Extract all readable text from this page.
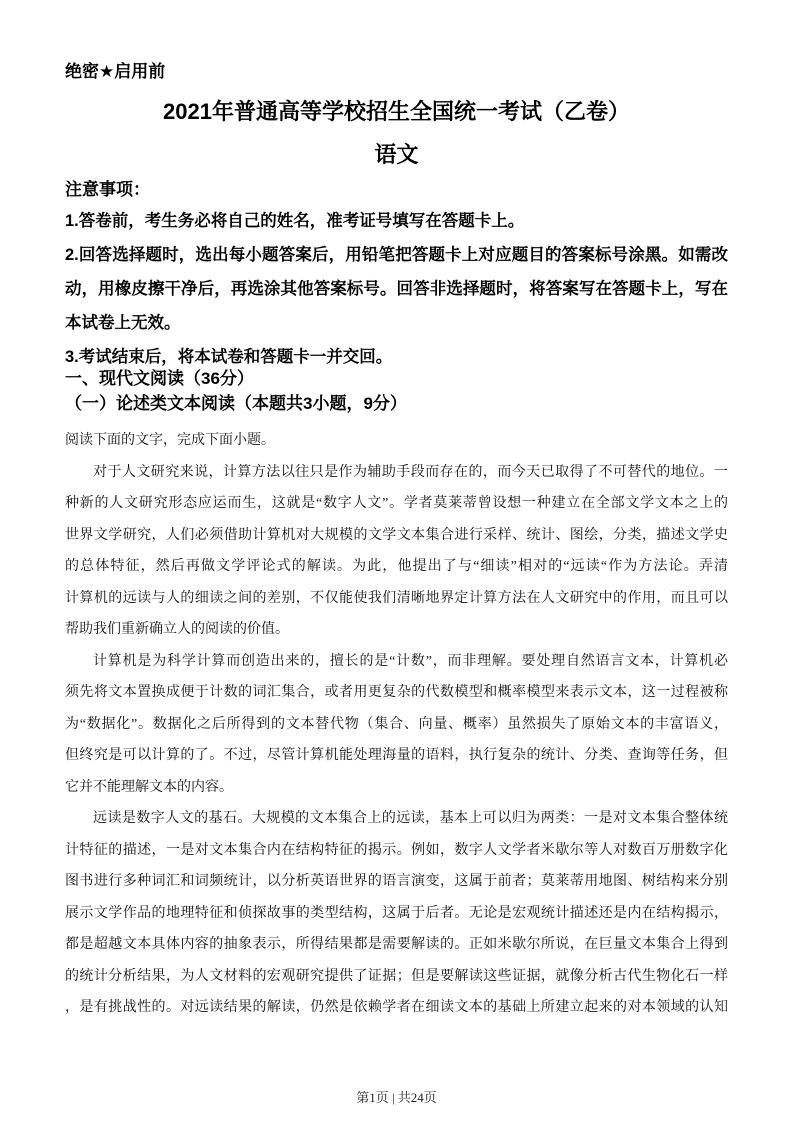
绝密★启用前
2021年普通高等学校招生全国统一考试（乙卷）
语文
注意事项：
1.答卷前，考生务必将自己的姓名，准考证号填写在答题卡上。
2.回答选择题时，选出每小题答案后，用铅笔把答题卡上对应题目的答案标号涂黑。如需改动，用橡皮擦干净后，再选涂其他答案标号。回答非选择题时，将答案写在答题卡上，写在本试卷上无效。
3.考试结束后，将本试卷和答题卡一并交回。
一、现代文阅读（36分）
（一）论述类文本阅读（本题共3小题，9分）
阅读下面的文字，完成下面小题。
对于人文研究来说，计算方法以往只是作为辅助手段而存在的，而今天已取得了不可替代的地位。一
种新的人文研究形态应运而生，这就是“数字人文”。学者莫莱蒂曾设想一种建立在全部文学文本之上的
世界文学研究，人们必须借助计算机对大规模的文学文本集合进行采样、统计、图绘，分类，描述文学史
的总体特征，然后再做文学评论式的解读。为此，他提出了与“细读”相对的“远读“作为方法论。弄清
计算机的远读与人的细读之间的差别，不仅能使我们清晰地界定计算方法在人文研究中的作用，而且可以
帮助我们重新确立人的阅读的价值。
计算机是为科学计算而创造出来的，擅长的是“计数”，而非理解。要处理自然语言文本，计算机必
须先将文本置换成便于计数的词汇集合，或者用更复杂的代数模型和概率模型来表示文本，这一过程被称
为“数据化”。数据化之后所得到的文本替代物（集合、向量、概率）虽然损失了原始文本的丰富语义，
但终究是可以计算的了。不过，尽管计算机能处理海量的语料，执行复杂的统计、分类、查询等任务，但
它并不能理解文本的内容。
远读是数字人文的基石。大规模的文本集合上的远读，基本上可以归为两类：一是对文本集合整体统
计特征的描述，一是对文本集合内在结构特征的揭示。例如，数字人文学者米歇尔等人对数百万册数字化
图书进行多种词汇和词频统计，以分析英语世界的语言演变，这属于前者；莫莱蒂用地图、树结构来分别
展示文学作品的地理特征和侦探故事的类型结构，这属于后者。无论是宏观统计描述还是内在结构揭示，
都是超越文本具体内容的抽象表示，所得结果都是需要解读的。正如米歇尔所说，在巨量文本集合上得到
的统计分析结果，为人文材料的宏观研究提供了证据；但是要解读这些证据，就像分析古代生物化石一样
，是有挑战性的。对远读结果的解读，仍然是依赖学者在细读文本的基础上所建立起来的对本领域的认知
第1页 | 共24页
